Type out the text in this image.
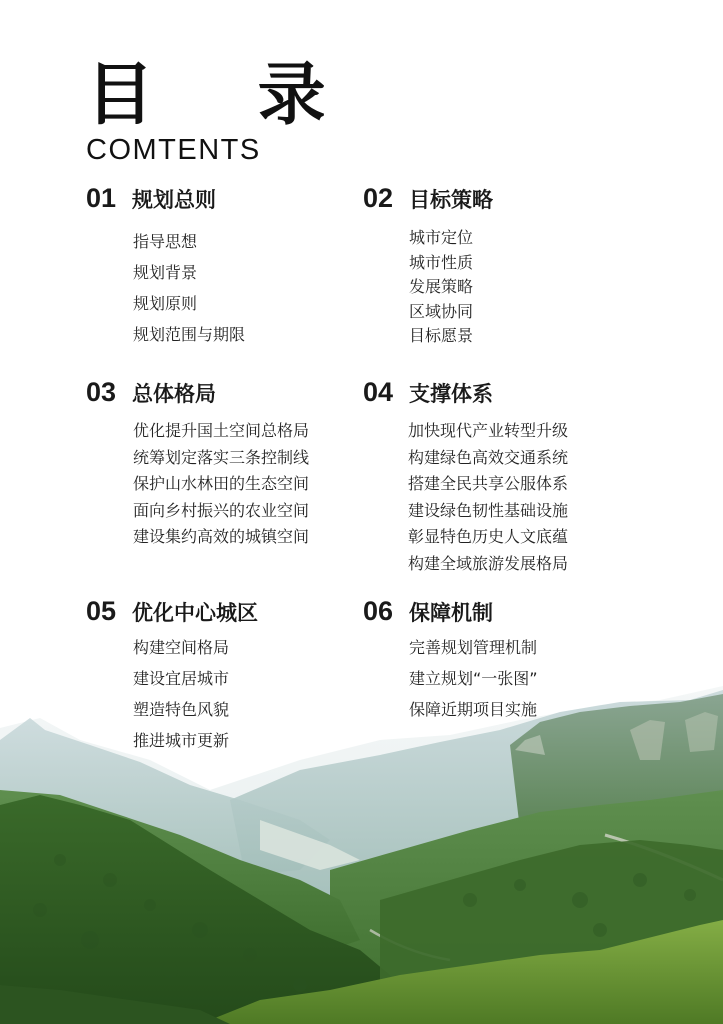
目 录
COMTENTS
01 规划总则
指导思想
规划背景
规划原则
规划范围与期限
02 目标策略
城市定位
城市性质
发展策略
区域协同
目标愿景
03 总体格局
优化提升国土空间总格局
统筹划定落实三条控制线
保护山水林田的生态空间
面向乡村振兴的农业空间
建设集约高效的城镇空间
04 支撑体系
加快现代产业转型升级
构建绿色高效交通系统
搭建全民共享公服体系
建设绿色韧性基础设施
彰显特色历史人文底蕴
构建全域旅游发展格局
05 优化中心城区
构建空间格局
建设宜居城市
塑造特色风貌
推进城市更新
06 保障机制
完善规划管理机制
建立规划“一张图”
保障近期项目实施
